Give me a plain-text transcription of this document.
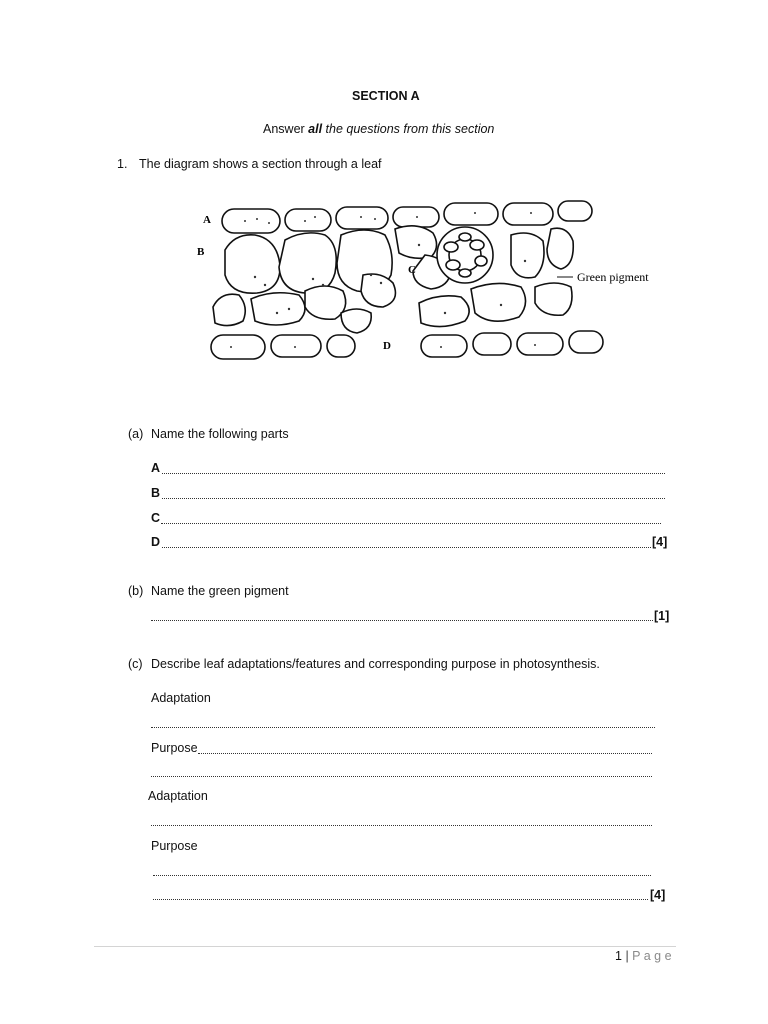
SECTION A
Answer all the questions from this section
1. The diagram shows a section through a leaf
A
B
C
D
Green pigment
(a) Name the following parts
A
B
C
D	[4]
(b) Name the green pigment
[1]
(c) Describe leaf adaptations/features and corresponding purpose in photosynthesis.
Adaptation
Purpose
Adaptation
Purpose
[4]
1 | P a g e
